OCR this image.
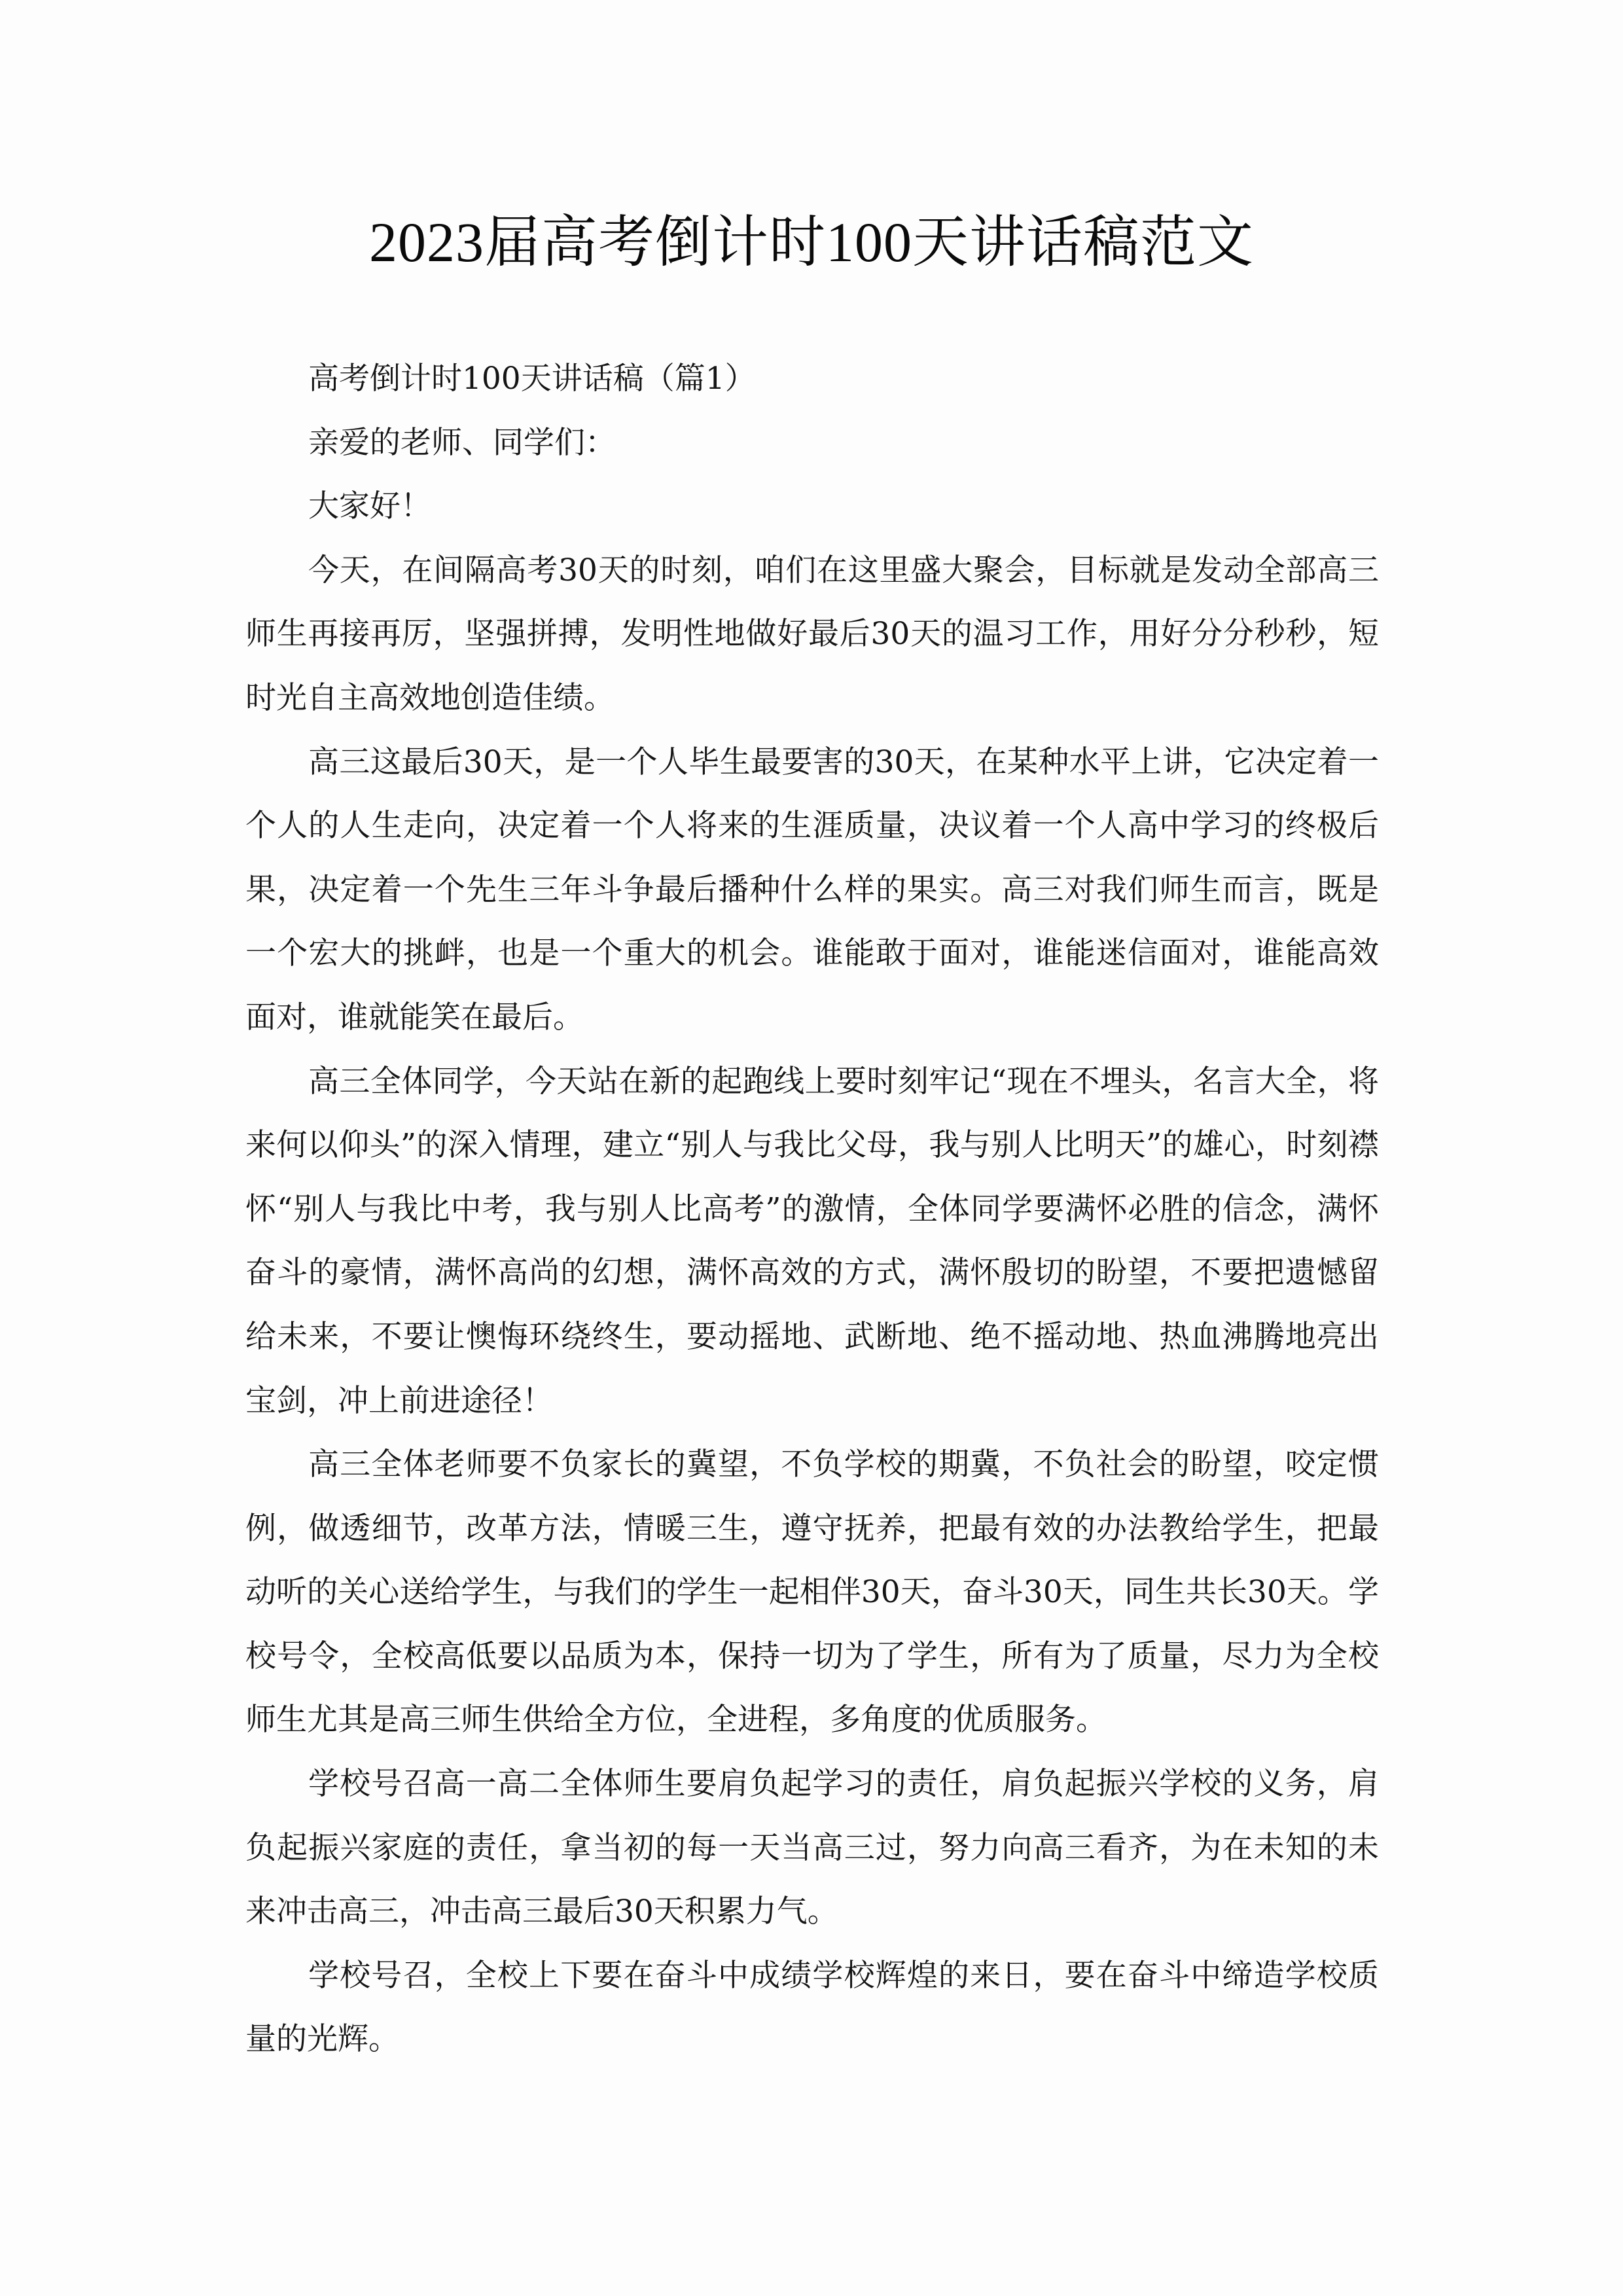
2023届高考倒计时100天讲话稿范文

高考倒计时100天讲话稿（篇1）

亲爱的老师、同学们：

大家好！

今天，在间隔高考30天的时刻，咱们在这里盛大聚会，目标就是发动全部高三师生再接再厉，坚强拼搏，发明性地做好最后30天的温习工作，用好分分秒秒，短时光自主高效地创造佳绩。

高三这最后30天，是一个人毕生最要害的30天，在某种水平上讲，它决定着一个人的人生走向，决定着一个人将来的生涯质量，决议着一个人高中学习的终极后果，决定着一个先生三年斗争最后播种什么样的果实。高三对我们师生而言，既是一个宏大的挑衅，也是一个重大的机会。谁能敢于面对，谁能迷信面对，谁能高效面对，谁就能笑在最后。

高三全体同学，今天站在新的起跑线上要时刻牢记“现在不埋头，名言大全，将来何以仰头”的深入情理，建立“别人与我比父母，我与别人比明天”的雄心，时刻襟怀“别人与我比中考，我与别人比高考”的激情，全体同学要满怀必胜的信念，满怀奋斗的豪情，满怀高尚的幻想，满怀高效的方式，满怀殷切的盼望，不要把遗憾留给未来，不要让懊悔环绕终生，要动摇地、武断地、绝不摇动地、热血沸腾地亮出宝剑，冲上前进途径！

高三全体老师要不负家长的冀望，不负学校的期冀，不负社会的盼望，咬定惯例，做透细节，改革方法，情暖三生，遵守抚养，把最有效的办法教给学生，把最动听的关心送给学生，与我们的学生一起相伴30天，奋斗30天，同生共长30天。学校号令，全校高低要以品质为本，保持一切为了学生，所有为了质量，尽力为全校师生尤其是高三师生供给全方位，全进程，多角度的优质服务。

学校号召高一高二全体师生要肩负起学习的责任，肩负起振兴学校的义务，肩负起振兴家庭的责任，拿当初的每一天当高三过，努力向高三看齐，为在未知的未来冲击高三，冲击高三最后30天积累力气。

学校号召，全校上下要在奋斗中成绩学校辉煌的来日，要在奋斗中缔造学校质量的光辉。
